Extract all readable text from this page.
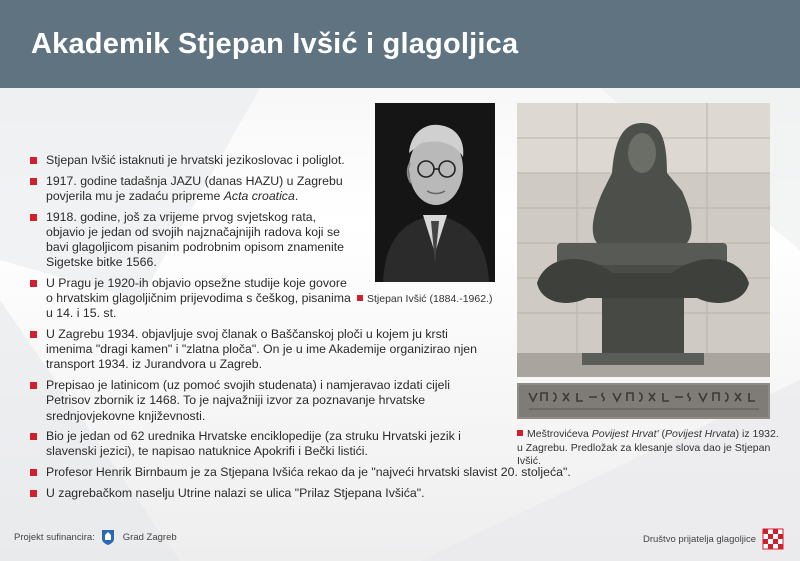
Akademik Stjepan Ivšić i glagoljica
Stjepan Ivšić istaknuti je hrvatski jezikoslovac i poliglot.
1917. godine tadašnja JAZU (danas HAZU) u Zagrebu povjerila mu je zadaću pripreme Acta croatica.
1918. godine, još za vrijeme prvog svjetskog rata, objavio je jedan od svojih najznačajnijih radova koji se bavi glagoljicom pisanim podrobnim opisom znamenite Sigetske bitke 1566.
U Pragu je 1920-ih objavio opsežne studije koje govore o hrvatskim glagoljičnim prijevodima s češkog, pisanima u 14. i 15. st.
U Zagrebu 1934. objavljuje svoj članak o Baščanskoj ploči u kojem ju krsti imenima "dragi kamen" i "zlatna ploča". On je u ime Akademije organizirao njen transport 1934. iz Jurandvora u Zagreb.
Prepisao je latinicom (uz pomoć svojih studenata) i namjeravao izdati cijeli Petrisov zbornik iz 1468. To je najvažniji izvor za poznavanje hrvatske srednjovjekovne književnosti.
Bio je jedan od 62 urednika Hrvatske enciklopedije (za struku Hrvatski jezik i slavenski jezici), te napisao natuknice Apokrifi i Bečki listići.
Profesor Henrik Birnbaum je za Stjepana Ivšića rekao da je "najveći hrvatski slavist 20. stoljeća".
U zagrebačkom naselju Utrine nalazi se ulica "Prilaz Stjepana Ivšića".
Stjepan Ivšić (1884.-1962.)
Meštrovićeva Povijest Hrvat' (Povijest Hrvata) iz 1932. u Zagrebu. Predložak za klesanje slova dao je Stjepan Ivšić.
Projekt sufinancira:	Grad Zagreb	Društvo prijatelja glagoljice
